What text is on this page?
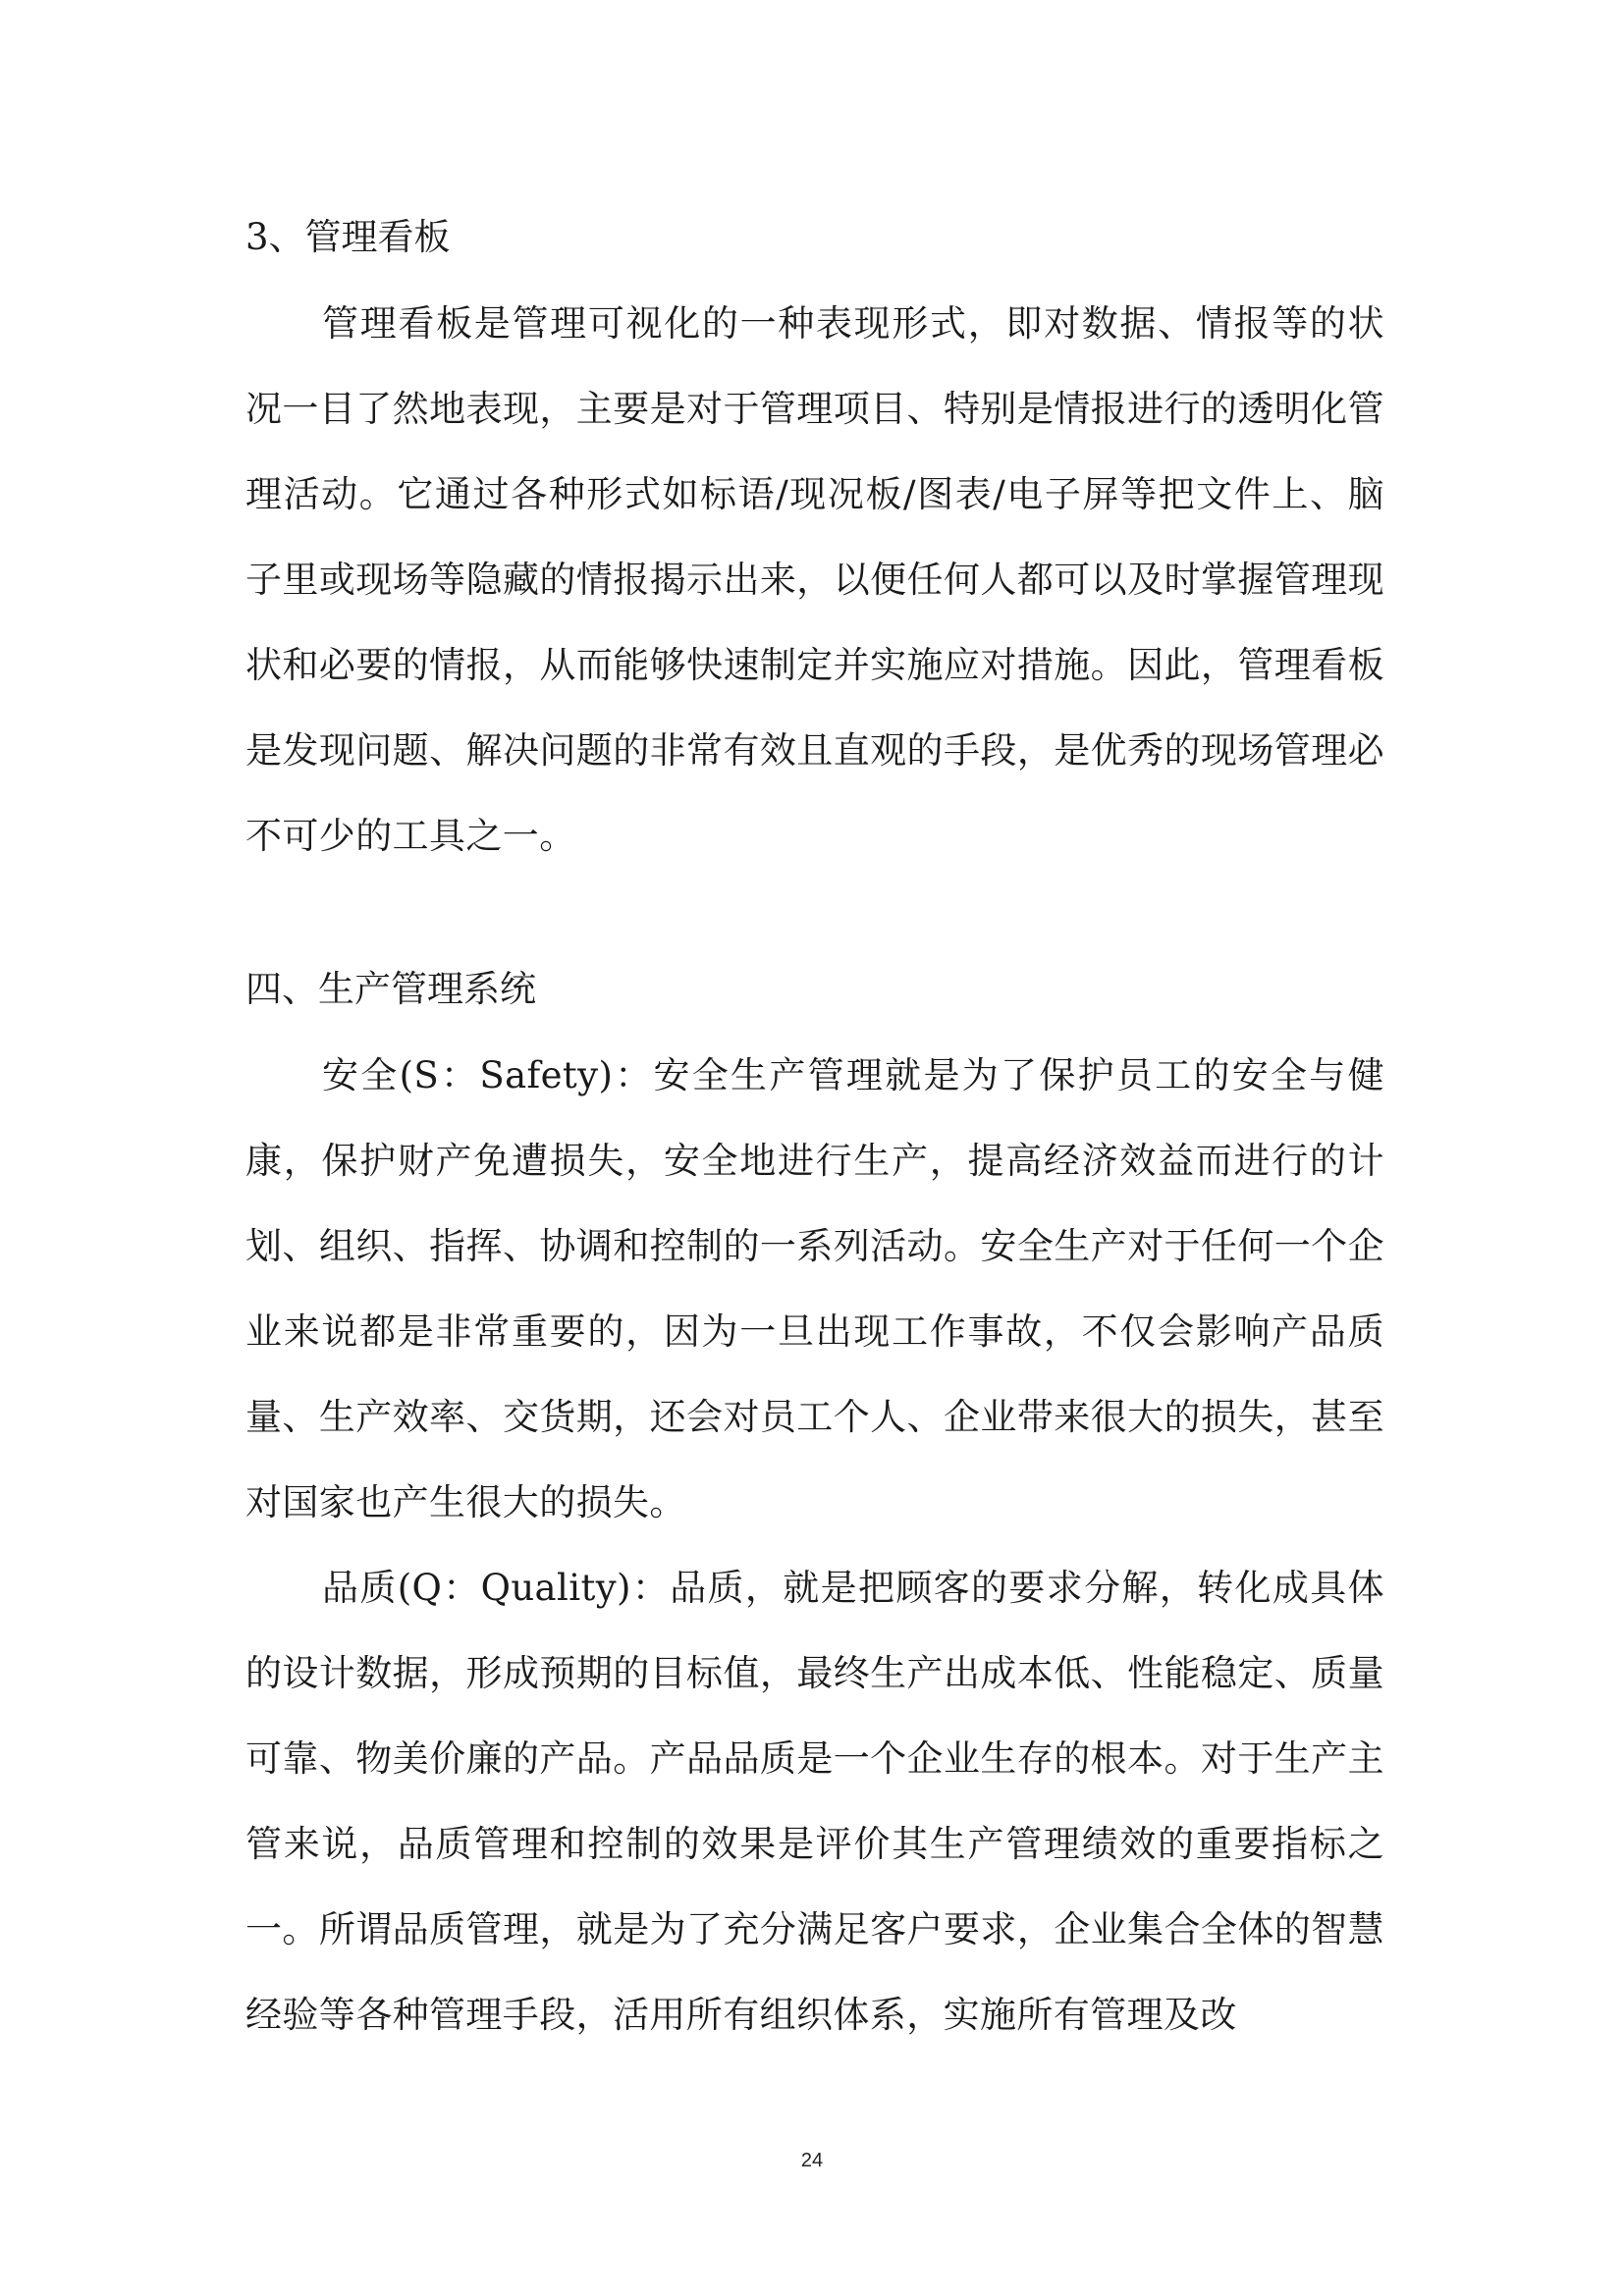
3、管理看板

管理看板是管理可视化的一种表现形式，即对数据、情报等的状况一目了然地表现，主要是对于管理项目、特别是情报进行的透明化管理活动。它通过各种形式如标语/现况板/图表/电子屏等把文件上、脑子里或现场等隐藏的情报揭示出来，以便任何人都可以及时掌握管理现状和必要的情报，从而能够快速制定并实施应对措施。因此，管理看板是发现问题、解决问题的非常有效且直观的手段，是优秀的现场管理必不可少的工具之一。

四、生产管理系统

安全(S：Safety)：安全生产管理就是为了保护员工的安全与健康，保护财产免遭损失，安全地进行生产，提高经济效益而进行的计划、组织、指挥、协调和控制的一系列活动。安全生产对于任何一个企业来说都是非常重要的，因为一旦出现工作事故，不仅会影响产品质量、生产效率、交货期，还会对员工个人、企业带来很大的损失，甚至对国家也产生很大的损失。

品质(Q：Quality)：品质，就是把顾客的要求分解，转化成具体的设计数据，形成预期的目标值，最终生产出成本低、性能稳定、质量可靠、物美价廉的产品。产品品质是一个企业生存的根本。对于生产主管来说，品质管理和控制的效果是评价其生产管理绩效的重要指标之一。所谓品质管理，就是为了充分满足客户要求，企业集合全体的智慧经验等各种管理手段，活用所有组织体系，实施所有管理及改

24
